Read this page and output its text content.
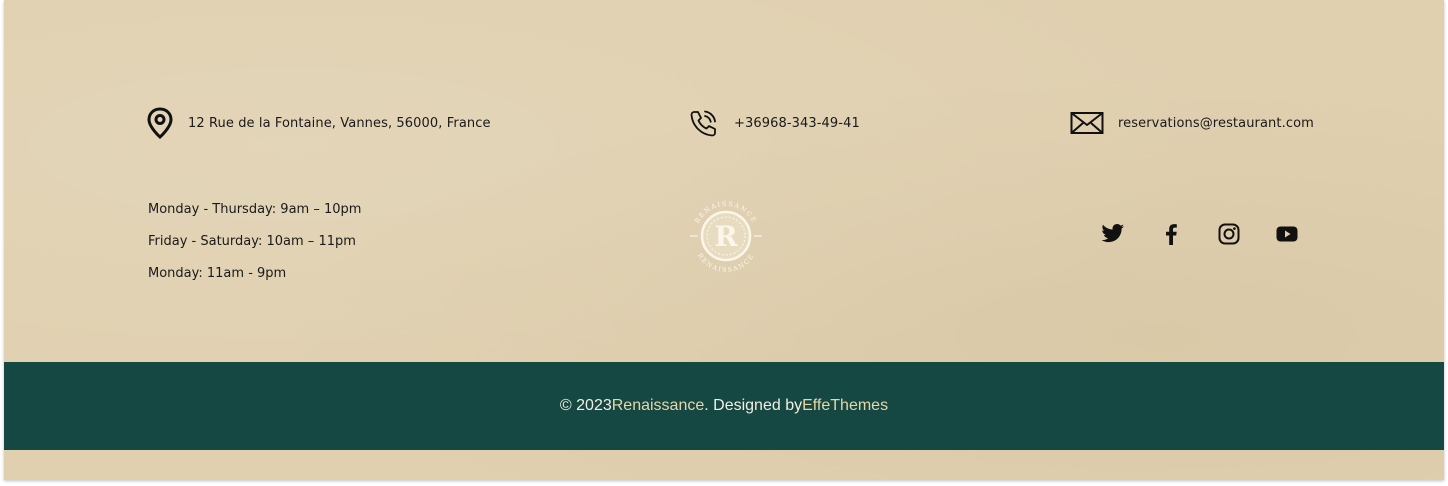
12 Rue de la Fontaine, Vannes, 56000, France	+36968-343-49-41	reservations@restaurant.com
Monday - Thursday: 9am – 10pm
Friday - Saturday: 10am – 11pm
Monday: 11am - 9pm
RENAISSANCE
RENAISSANCE
R
© 2023 Renaissance . Designed by EffeThemes
